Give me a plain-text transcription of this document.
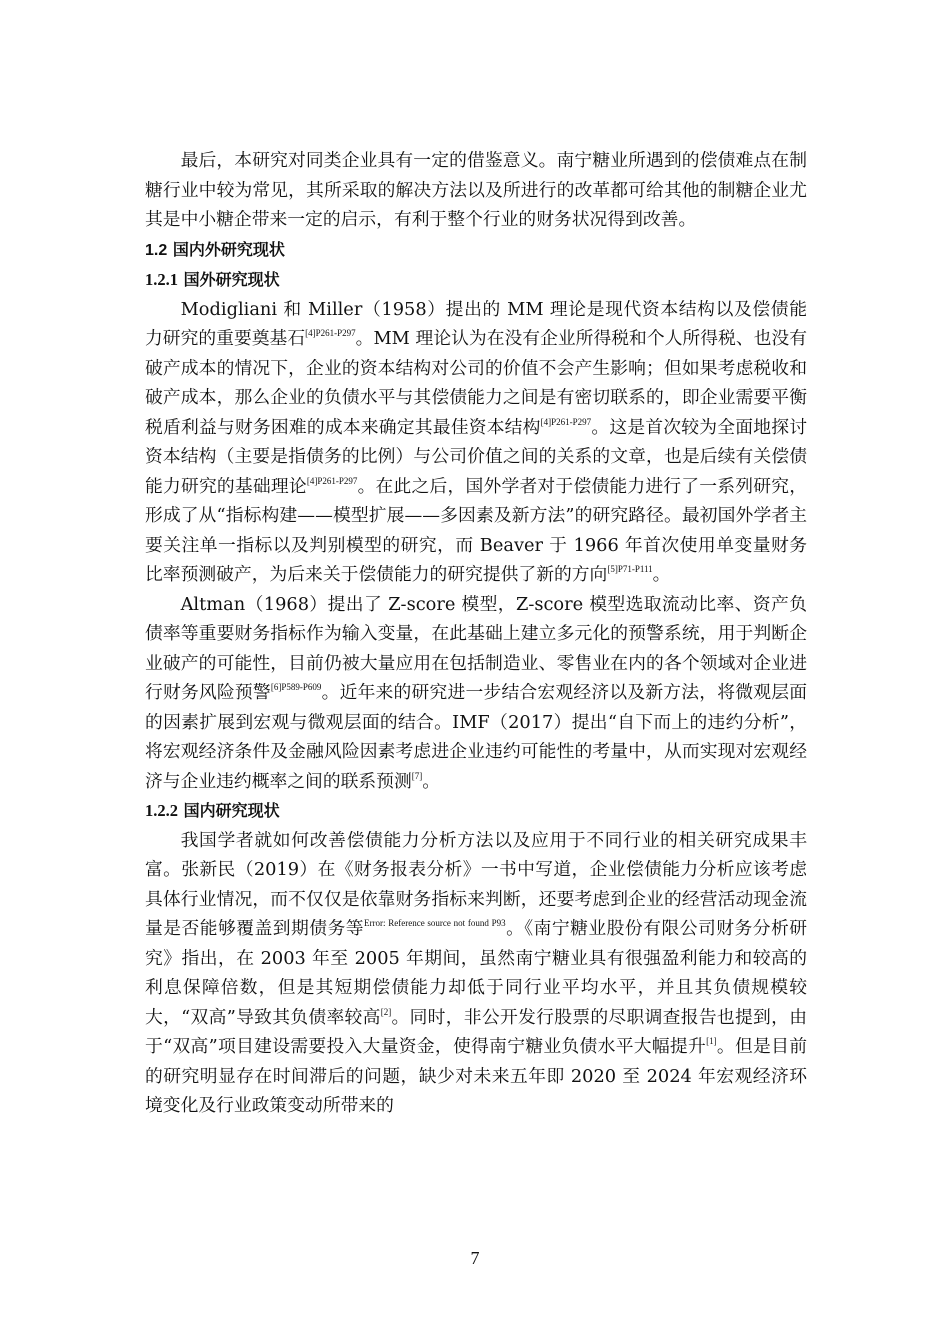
最后，本研究对同类企业具有一定的借鉴意义。南宁糖业所遇到的偿债难点在制糖行业中较为常见，其所采取的解决方法以及所进行的改革都可给其他的制糖企业尤其是中小糖企带来一定的启示，有利于整个行业的财务状况得到改善。

1.2 国内外研究现状
1.2.1 国外研究现状

Modigliani 和 Miller（1958）提出的 MM 理论是现代资本结构以及偿债能力研究的重要奠基石$^{[4]P261-P297}$。MM 理论认为在没有企业所得税和个人所得税、也没有破产成本的情况下，企业的资本结构对公司的价值不会产生影响；但如果考虑税收和破产成本，那么企业的负债水平与其偿债能力之间是有密切联系的，即企业需要平衡税盾利益与财务困难的成本来确定其最佳资本结构$^{[4]P261-P297}$。这是首次较为全面地探讨资本结构（主要是指债务的比例）与公司价值之间的关系的文章，也是后续有关偿债能力研究的基础理论$^{[4]P261-P297}$。在此之后，国外学者对于偿债能力进行了一系列研究，形成了从“指标构建——模型扩展——多因素及新方法”的研究路径。最初国外学者主要关注单一指标以及判别模型的研究，而 Beaver 于 1966 年首次使用单变量财务比率预测破产，为后来关于偿债能力的研究提供了新的方向$^{[5]P71-P111}$。

Altman（1968）提出了 Z-score 模型，Z-score 模型选取流动比率、资产负债率等重要财务指标作为输入变量，在此基础上建立多元化的预警系统，用于判断企业破产的可能性，目前仍被大量应用在包括制造业、零售业在内的各个领域对企业进行财务风险预警$^{[6]P589-P609}$。近年来的研究进一步结合宏观经济以及新方法，将微观层面的因素扩展到宏观与微观层面的结合。IMF（2017）提出“自下而上的违约分析”，将宏观经济条件及金融风险因素考虑进企业违约可能性的考量中，从而实现对宏观经济与企业违约概率之间的联系预测[7]。

1.2.2 国内研究现状

我国学者就如何改善偿债能力分析方法以及应用于不同行业的相关研究成果丰富。张新民（2019）在《财务报表分析》一书中写道，企业偿债能力分析应该考虑具体行业情况，而不仅仅是依靠财务指标来判断，还要考虑到企业的经营活动现金流量是否能够覆盖到期债务等$^{Error: Reference source not found P93}$。《南宁糖业股份有限公司财务分析研究》指出，在 2003 年至 2005 年期间，虽然南宁糖业具有很强盈利能力和较高的利息保障倍数，但是其短期偿债能力却低于同行业平均水平，并且其负债规模较大，“双高”导致其负债率较高[2]。同时，非公开发行股票的尽职调查报告也提到，由于“双高”项目建设需要投入大量资金，使得南宁糖业负债水平大幅提升[1]。但是目前的研究明显存在时间滞后的问题，缺少对未来五年即 2020 至 2024 年宏观经济环境变化及行业政策变动所带来的

7
